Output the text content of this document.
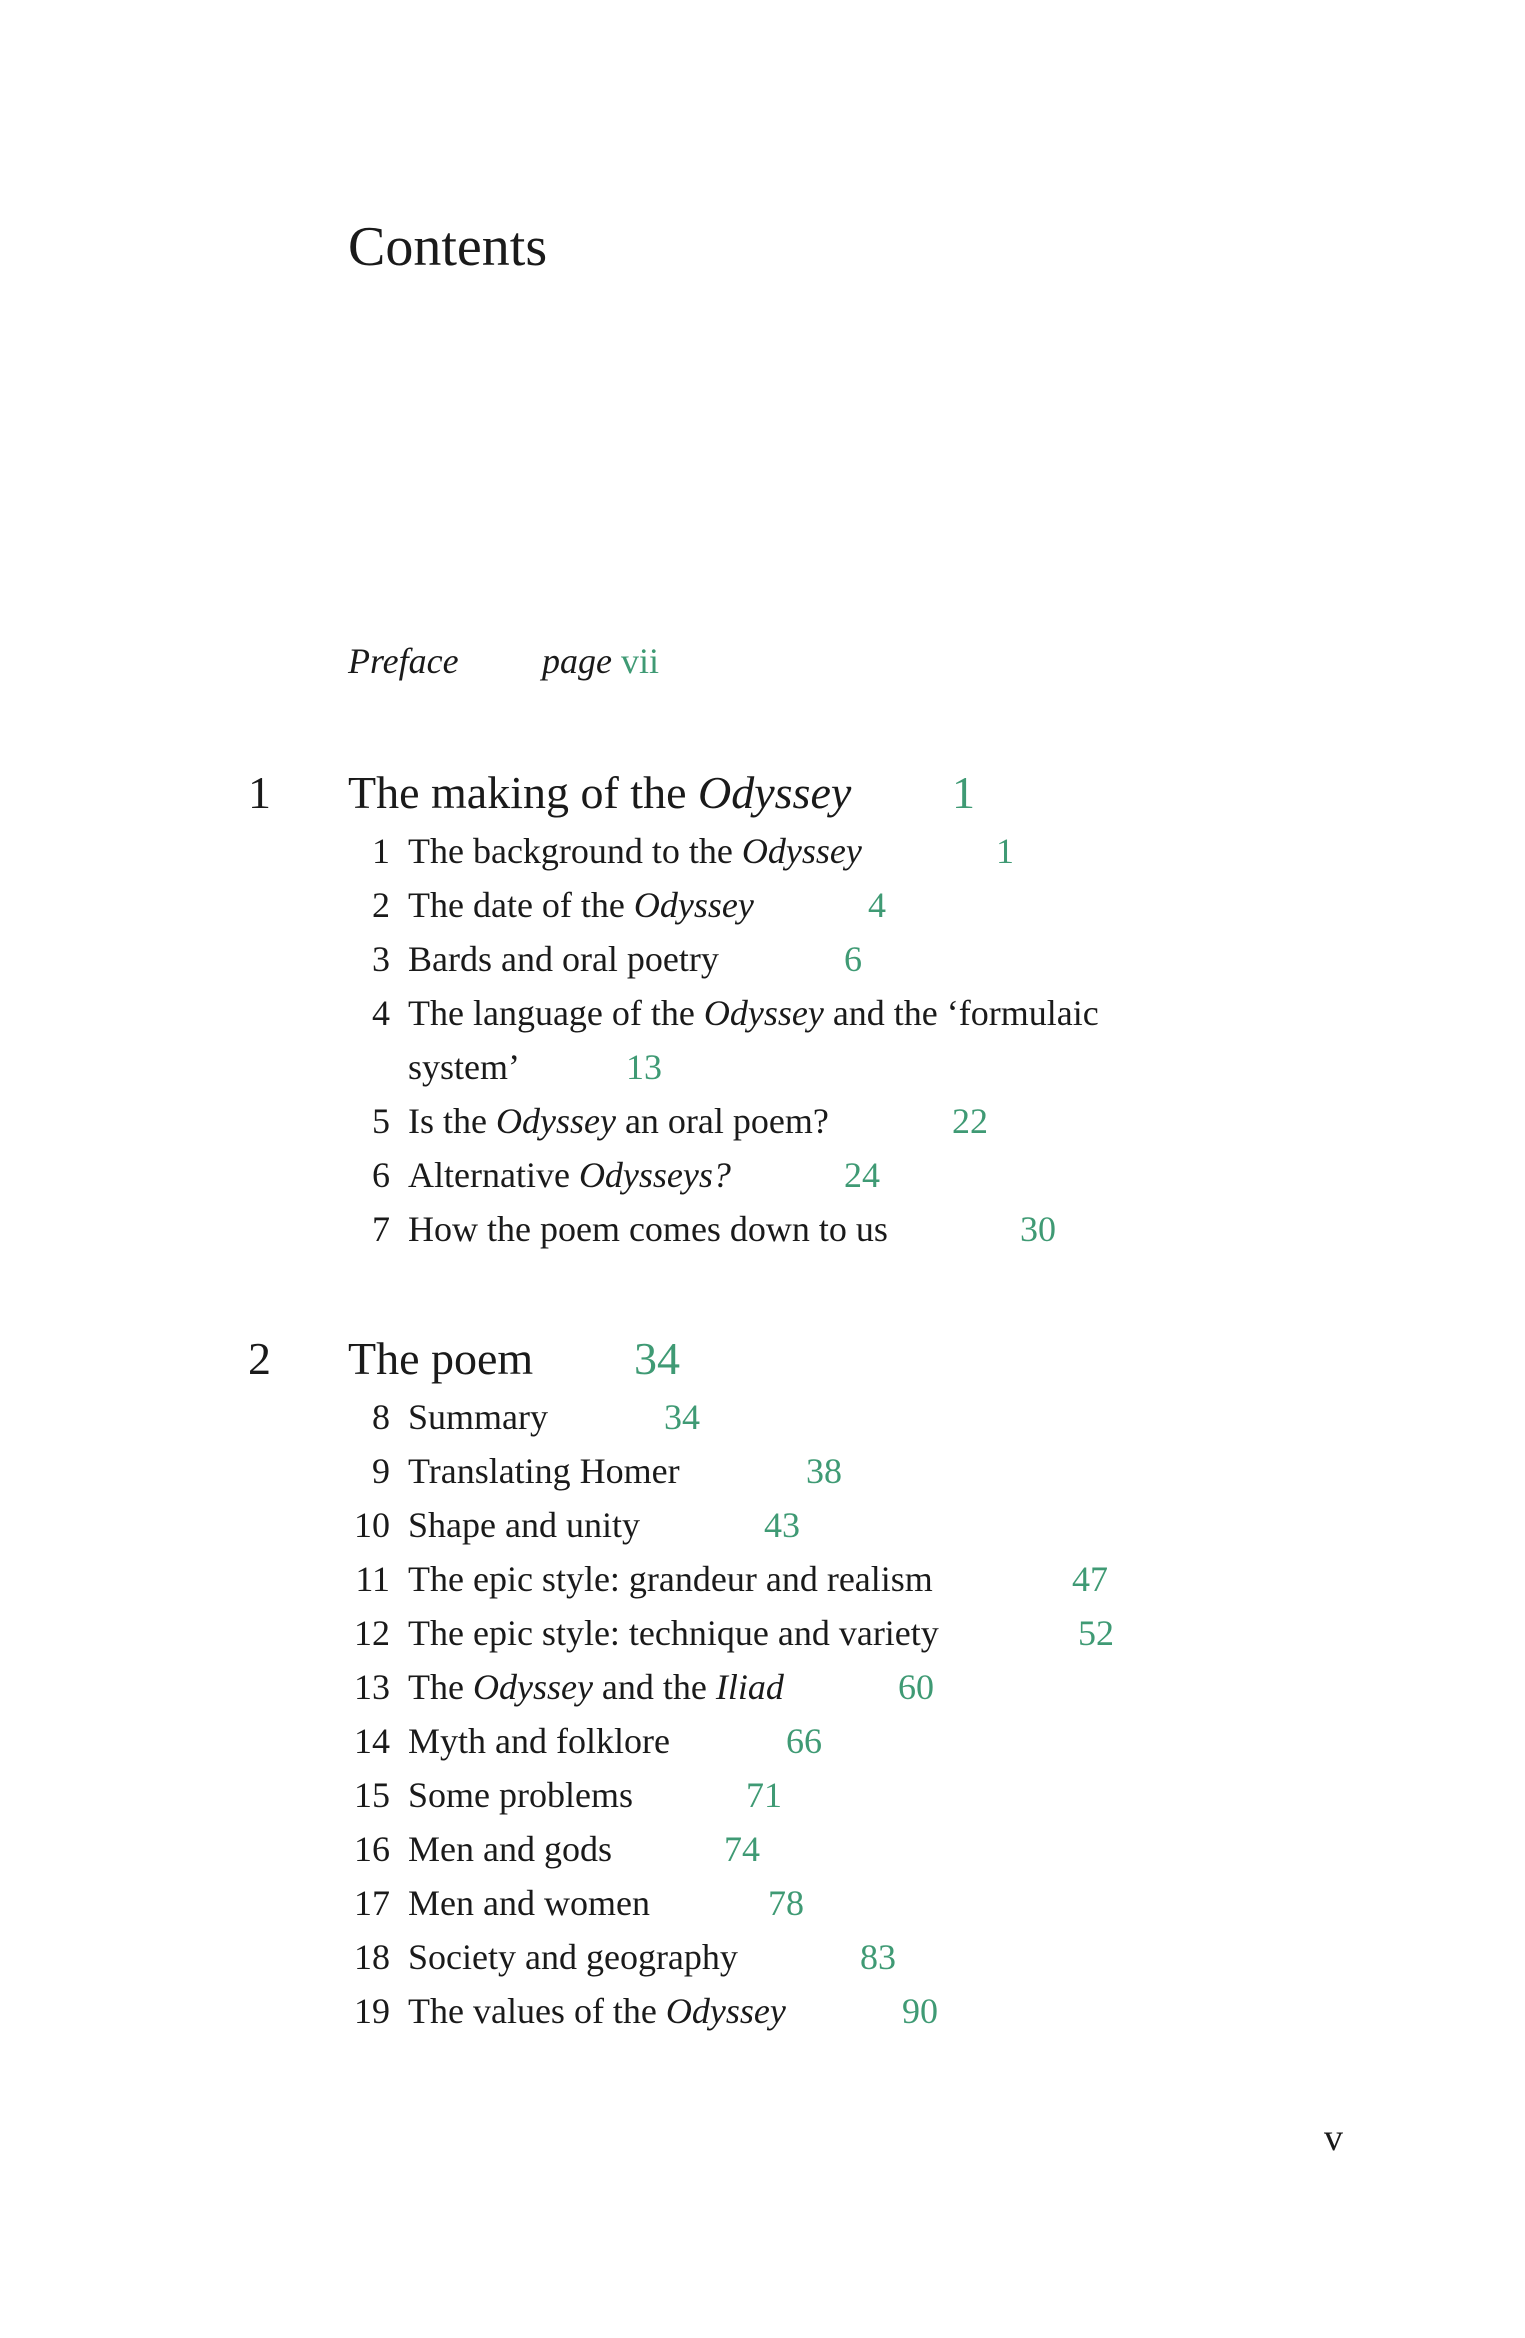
Contents
Preface page vii
1 The making of the Odyssey 1
1 The background to the Odyssey	1
2 The date of the Odyssey	4
3 Bards and oral poetry	6
4 The language of the Odyssey and the ‘formulaic
system’	13
5 Is the Odyssey an oral poem?	22
6 Alternative Odysseys?	24
7 How the poem comes down to us	30
2 The poem 34
8 Summary	34
9 Translating Homer	38
10 Shape and unity	43
11 The epic style: grandeur and realism	47
12 The epic style: technique and variety	52
13 The Odyssey and the Iliad	60
14 Myth and folklore	66
15 Some problems	71
16 Men and gods	74
17 Men and women	78
18 Society and geography	83
19 The values of the Odyssey	90
v
